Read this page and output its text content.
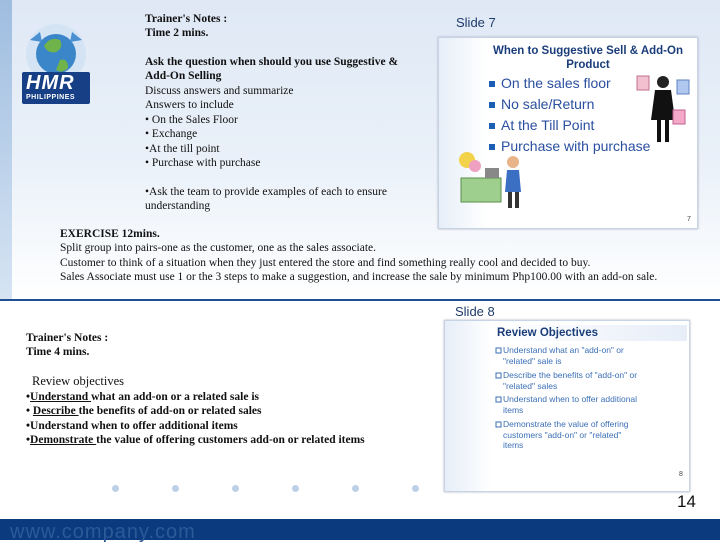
HMR
PHILIPPINES
Trainer's Notes :
Time 2 mins.
Ask the question when should you use Suggestive &
Add-On Selling
Discuss answers and summarize
Answers to include
• On the Sales Floor
• Exchange
•At the till point
• Purchase with purchase
•Ask the team to provide examples of each to ensure
understanding
Slide 7
When to Suggestive Sell & Add-On
Product
On the sales floor
No sale/Return
At the Till Point
Purchase with purchase
7
EXERCISE 12mins.
Split group into pairs-one as the customer, one as the sales associate.
Customer to think of a situation when they just entered the store and find something really cool and decided to buy.
Sales Associate must use 1 or the 3 steps to make a suggestion, and increase the sale by minimum Php100.00 with an add-on sale.
Slide 8
Review Objectives
Understand what an "add-on" or
"related" sale is
Describe the benefits of "add-on" or
"related" sales
Understand when to offer additional
items
Demonstrate the value of offering
customers "add-on" or "related"
items
8
Trainer's Notes :
Time 4 mins.
Review objectives
•Understand what an add-on or a related sale is
• Describe the benefits of add-on or related sales
•Understand when to offer additional items
•Demonstrate the value of offering customers add-on or related items
14
www.company.com
